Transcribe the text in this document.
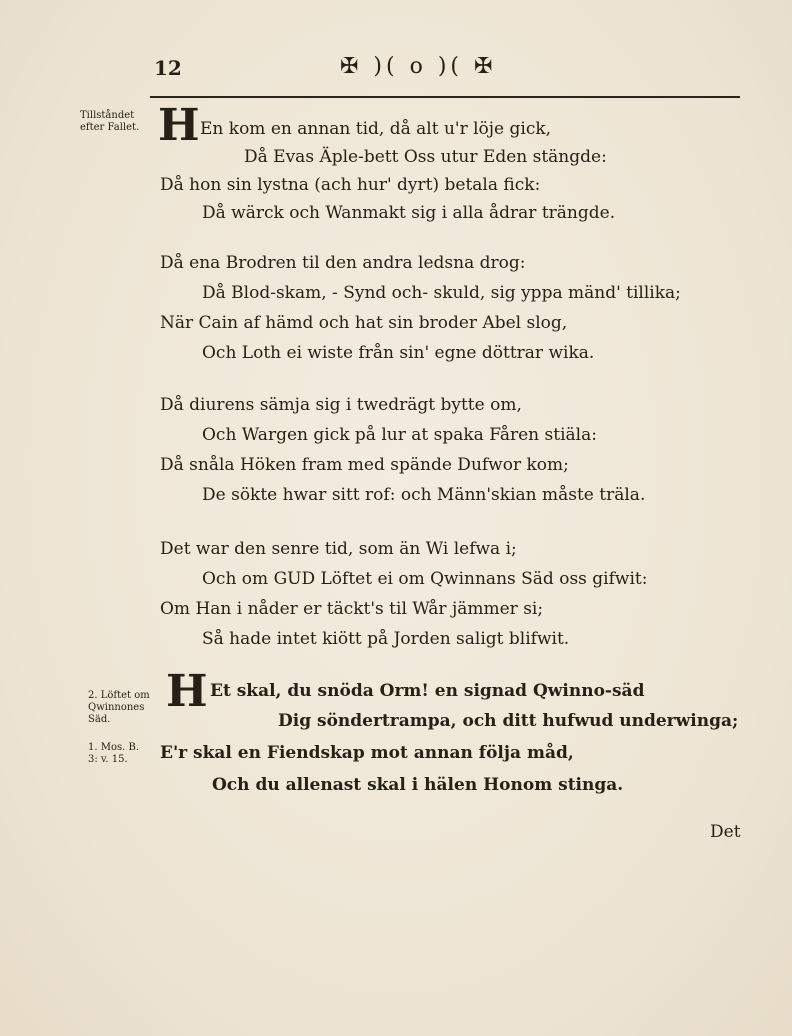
12	✠ )( o )( ✠
Tillståndet efter Fallet.
2. Löftet om Qwinnones Säd.
1. Mos. B. 3: v. 15.
H En kom en annan tid, då alt u'r löje gick,
Då Evas Äple-bett Oss utur Eden stängde:
Då hon sin lystna (ach hur' dyrt) betala fick:
Då wärck och Wanmakt sig i alla ådrar trängde.
Då ena Brodren til den andra ledsna drog:
Då Blod-skam, - Synd och- skuld, sig yppa mänd' tillika;
När Cain af hämd och hat sin broder Abel slog,
Och Loth ei wiste från sin' egne döttrar wika.
Då diurens sämja sig i twedrägt bytte om,
Och Wargen gick på lur at spaka Fåren stiäla:
Då snåla Höken fram med spände Dufwor kom;
De sökte hwar sitt rof: och Männ'skian måste träla.
Det war den senre tid, som än Wi lefwa i;
Och om GUD Löftet ei om Qwinnans Säd oss gifwit:
Om Han i nåder er täckt's til Wår jämmer si;
Så hade intet kiött på Jorden saligt blifwit.
H Et skal, du snöda Orm! en signad Qwinno-säd
Dig söndertrampa, och ditt hufwud underwinga;
E'r skal en Fiendskap mot annan följa måd,
Och du allenast skal i hälen Honom stinga.
Det
